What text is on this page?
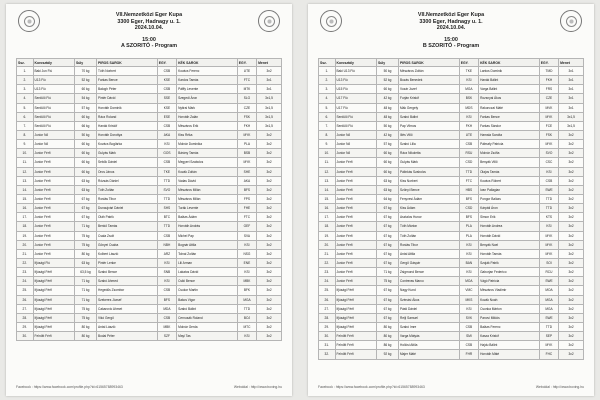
VII.Nemzetközi Eger Kupa
3300 Eger, Hadnagy u. 1.
2024.10.04.
15:00
A SZORITÓ - Program
Ssz.	Korosztály	Súly	PIROS SAROK	EGY.	KÉK SAROK	EGY.	Menet
1.	Baki Jun Fiú	70 kg	Tóth Norbert	CSB	Kovács Ferenc	UTE	3x2
2.	U13 Fiú	52 kg	Farkas Bence	KSE	Kardos Tamás	FTC	3x1
3.	U13 Fiú	60 kg	Balogh Péter	CSB	Pálffy Levente	MTK	3x1
4.	Serdülő Fiú	54 kg	Pintér Dávid	SSE	Szegedi Áron	SLG	3x1,5
5.	Serdülő Fiú	57 kg	Horváth Dominik	KSE	Nyitrai Márk	CZE	3x1,5
6.	Serdülő Fiú	60 kg	Rácz Roland	ESE	Horváth Zalán	FSK	3x1,5
7.	Serdülő Fiú	66 kg	Hanák Kristóf	CSB	Mészáros Erik	FKH	3x1,5
8.	Junior Nő	50 kg	Horváth Dorottya	AKA	Kiss Réka	MYK	3x2
9.	Junior Nő	60 kg	Kovács Boglárka	KSI	Molnár Dominika	PLA	3x2
10.	Junior Férfi	60 kg	Gulyás Márk	GOS	Bárány Tamás	BSB	3x2
11.	Junior Férfi	60 kg	Sebők Dániel	CSB	Megyeri Szabolcs	MYK	3x2
12.	Junior Férfi	60 kg	Oros János	TKE	Kozák Zoltán	SHE	3x2
13.	Junior Férfi	63 kg	Rózsás Dániel	TTD	Vadas Dávid	AKA	3x2
14.	Junior Férfi	63 kg	Tóth Zoltán	SVO	Mészáros Milán	BFS	3x2
15.	Junior Férfi	67 kg	Rostás Tibor	TTD	Mészáros Milán	FPS	3x2
16.	Junior Férfi	67 kg	Dunaujvári Dániel	SHS	Turák Levente	FHE	3x2
17.	Junior Férfi	67 kg	Oláh Patrik	BTC	Balázs Ádám	FTC	3x2
18.	Junior Férfi	71 kg	Benkő Tamás	TTD	Horváth András	GEF	3x2
19.	Junior Férfi	75 kg	Csala Zsolt	CSB	Michel Pap	SVA	3x2
20.	Junior Férfi	75 kg	Gönyei Csaba	NBH	Bognár Attila	KSI	3x2
21.	Junior Férfi	80 kg	Kolbert László	ARZ	Tolnai Zoltán	NSG	3x2
22.	Ifjúsági Fiú	63 kg	Pintér Lenke	KSI	Lili Arman	ENE	3x2
23.	Ifjúsági Férfi	63,5 kg	Szabó Bence	SNB	Lakatos Dávid	KSI	3x2
24.	Ifjúsági Férfi	71 kg	Szabó Ahmed	KSI	Csiki Bence	MBK	3x2
25.	Ifjúsági Férfi	71 kg	Hegedűs Zsombor	CSB	Csukor Martin	BFK	3x2
26.	Ifjúsági Férfi	71 kg	Szekeres József	BFS	Bakos Vigor	MGA	3x2
27.	Ifjúsági Férfi	75 kg	Cakarovic Ahmet	MDA	Szabó Bálint	TTD	3x2
28.	Ifjúsági Férfi	75 kg	Vikó Gergő	CSB	Cernusák Roland	BOJ	3x2
29.	Ifjúsági Férfi	80 kg	Antal László	MBK	Molnár Gerda	MTC	3x2
30.	Felnőtt Férfi	80 kg	Bodai Péter	SZF	Mayi Tas	KSI	3x2
Facebook : https://www.facebook.com/profile.php?id=61565788993463	Weboldal : http://www.boxing.hu
VII.Nemzetközi Eger Kupa
3300 Eger, Hadnagy u. 1.
2024.10.04.
15:00
B SZORITÓ - Program
Ssz.	Korosztály	Súly	PIROS SAROK	EGY.	KÉK SAROK	EGY.	Menet
1.	Baki U13 Fiú	50 kg	Mészáros Zoltán	TKE	Lantos Dominik	TMD	3x1
2.	U13 Fiú	52 kg	Buzás Benedek	KSI	Hanák Bálint	FKH	3x1
3.	U15 Fiú	60 kg	Vozár Jozef	MGA	Varga Bálint	FRS	3x1
4.	U17 Fiú	42 kg	Furján Kristóf	BSK	Rozsnyai Ákos	CZE	3x1
5.	U17 Fiú	48 kg	Mák Gergely	MDS	Rakonczai Máté	MVK	3x1
6.	Serdülő Fiú	48 kg	Szabó Bálint	KSI	Farkas Bence	MYK	3x1,5
7.	Serdülő Fiú	50 kg	Pap Vilmos	FKH	Farkas Sándor	FCE	3x1,5
8.	Junior Nő	42 kg	Illés Villő	UTE	Hamala Sarolta	FSK	3x2
9.	Junior Nő	57 kg	Szabó Lilla	CSB	Pálmafy Patrícia	MYK	3x2
10.	Junior Nő	60 kg	Rácz Nikoletta	RSU	Molnár Zsófia	SVO	3x2
11.	Junior Férfi	60 kg	Gulyás Márk	CSD	Benyák Villő	CSC	3x2
12.	Junior Férfi	60 kg	Pálinkás Szabolcs	TTD	Olajos Tamás	KSI	3x2
13.	Junior Férfi	63 kg	Kiss Norbert	FTC	Kovács Róbert	CSB	3x2
14.	Junior Férfi	63 kg	Szőnyi Bence	HBS	Ivan Pallagian	SWE	3x2
15.	Junior Férfi	64 kg	Fenyvesi Ádám	BFS	Pongor Balázs	TTD	3x2
16.	Junior Férfi	67 kg	Kiss Ádám	CSD	Kárpáti Áron	TTD	3x2
17.	Junior Férfi	67 kg	Asztalos Hunor	BFS	Simon Erik	KTS	3x2
18.	Junior Férfi	67 kg	Tóth Márton	PLA	Horváth Andrea	KSI	3x2
19.	Junior Férfi	67 kg	Tóth Zoltán	PLA	Horváth Dávid	MYK	3x2
20.	Junior Férfi	67 kg	Rostás Tibor	KSI	Benyák Noel	MYK	3x2
21.	Junior Férfi	67 kg	Antal Attila	KSI	Horváth Tamás	MYK	3x2
22.	Junior Férfi	67 kg	Gergő Gáspár	BAN	Szoják Patrik	SOI	3x2
23.	Junior Férfi	71 kg	Zsigmond Bence	KSI	Gaborjan Federico	RCU	3x2
24.	Junior Férfi	75 kg	Contreras Marco	MOA	Vágó Patrícia	SWE	3x2
25.	Ifjúsági Férfi	67 kg	Nagy Kund	VMC	Mészáros Vladimir	MOA	3x2
26.	Ifjúsági Férfi	67 kg	Szénási Ákos	MKS	Kozák Noah	MGA	3x2
27.	Ifjúsági Férfi	67 kg	Pásti Dániel	KSI	Csonka Márton	MGA	3x2
28.	Ifjúsági Férfi	67 kg	Reiji Samuel	SVK	Panovi Miklós	SWE	3x2
29.	Ifjúsági Férfi	80 kg	Szabó Imre	CSB	Balázs Ferenc	TTD	3x2
30.	Felnőtt Férfi	80 kg	Varga Mátyás	SMI	Kasza Kristóf	SEP	3x2
31.	Felnőtt Férfi	86 kg	Hollósi Attila	CSB	Hajdu Bálint	MYK	3x2
32.	Felnőtt Férfi	92 kg	Majer Máté	FHR	Horváth Máté	FHC	3x2
Facebook : https://www.facebook.com/profile.php?id=61565788993463	Weboldal : http://www.boxing.hu
